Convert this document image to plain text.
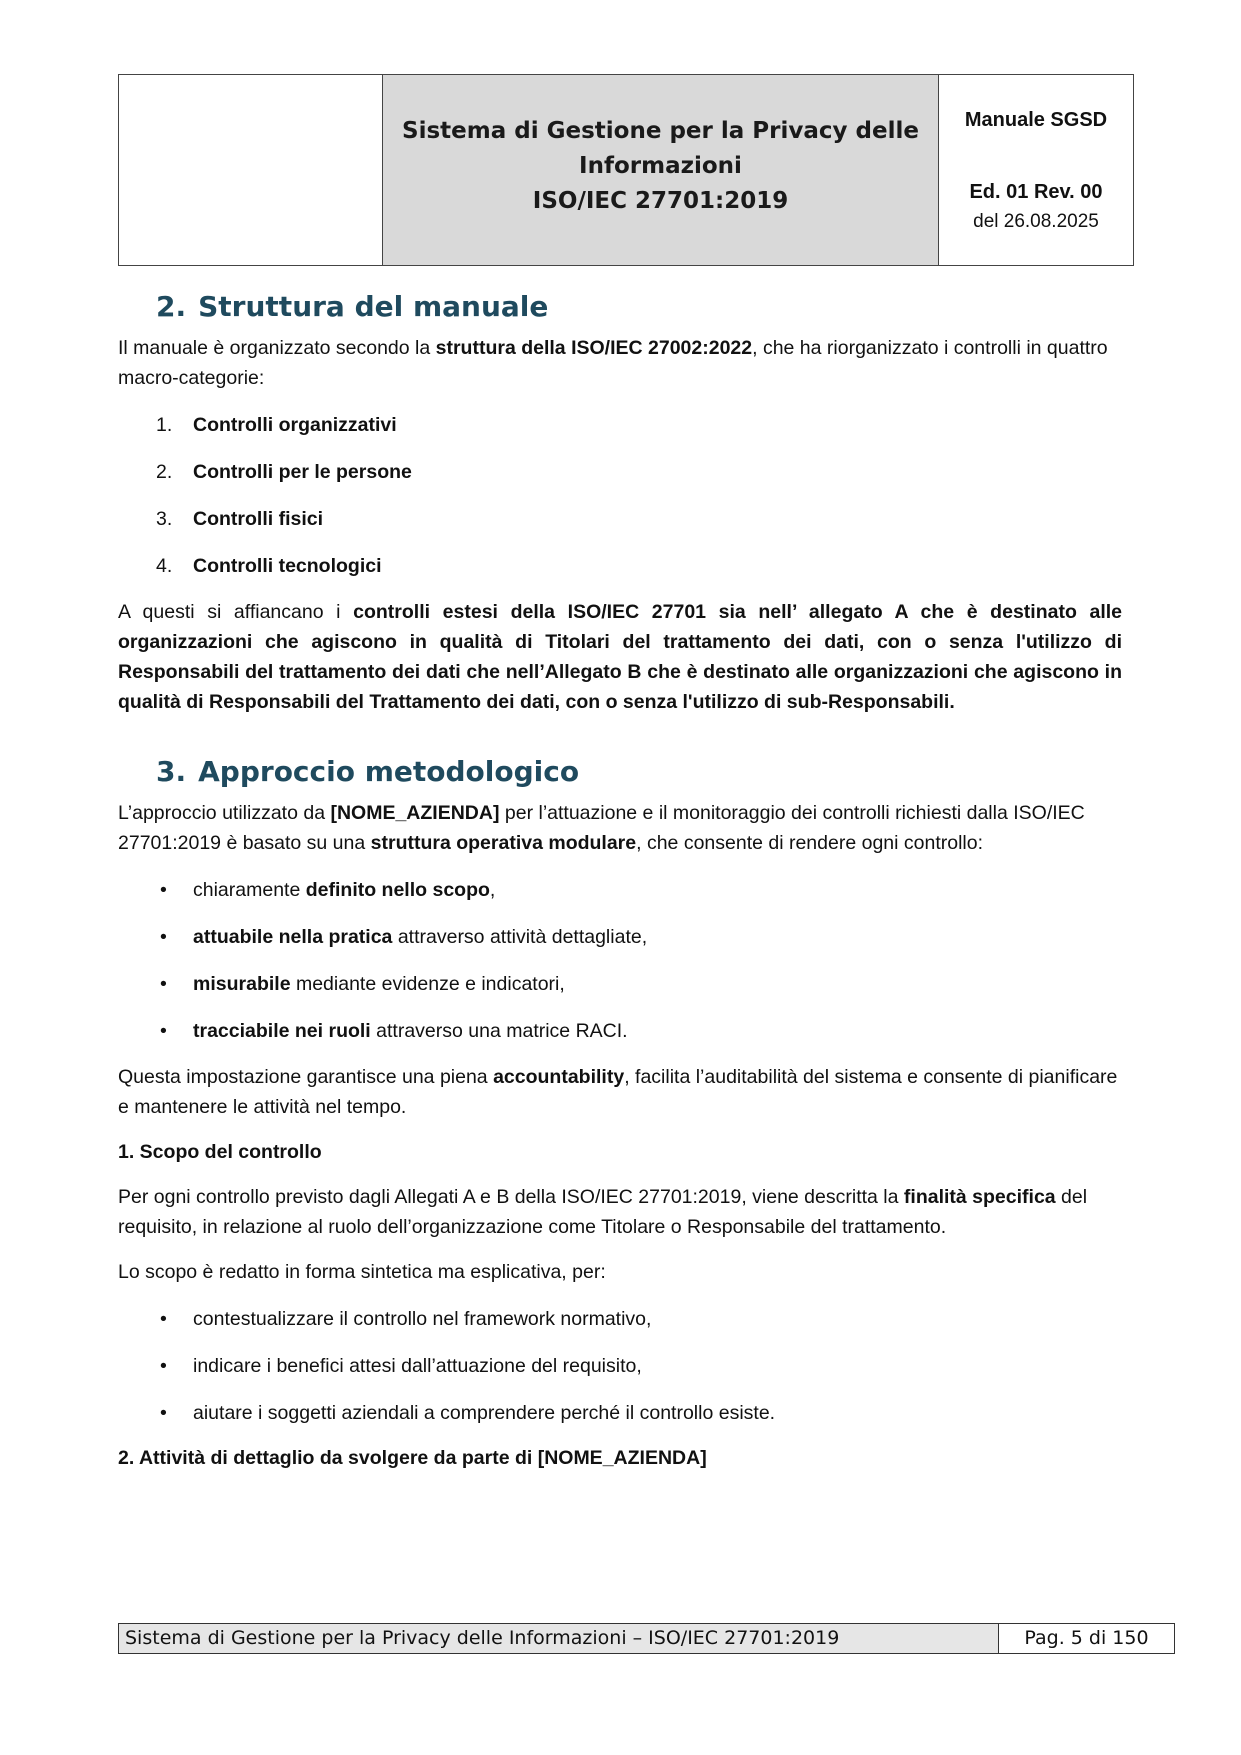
Sistema di Gestione per la Privacy delle
Informazioni
ISO/IEC 27701:2019
Manuale SGSD
Ed. 01 Rev. 00
del 26.08.2025
2. Struttura del manuale

Il manuale è organizzato secondo la struttura della ISO/IEC 27002:2022, che ha riorganizzato i controlli in quattro macro-categorie:

1.	Controlli organizzativi
2.	Controlli per le persone
3.	Controlli fisici
4.	Controlli tecnologici

A questi si affiancano i controlli estesi della ISO/IEC 27701 sia nell’ allegato A che è destinato alle organizzazioni che agiscono in qualità di Titolari del trattamento dei dati, con o senza l'utilizzo di Responsabili del trattamento dei dati che nell’Allegato B che è destinato alle organizzazioni che agiscono in qualità di Responsabili del Trattamento dei dati, con o senza l'utilizzo di sub-Responsabili.

3. Approccio metodologico

L’approccio utilizzato da [NOME_AZIENDA] per l’attuazione e il monitoraggio dei controlli richiesti dalla ISO/IEC 27701:2019 è basato su una struttura operativa modulare, che consente di rendere ogni controllo:

•	chiaramente definito nello scopo,
•	attuabile nella pratica attraverso attività dettagliate,
•	misurabile mediante evidenze e indicatori,
•	tracciabile nei ruoli attraverso una matrice RACI.

Questa impostazione garantisce una piena accountability, facilita l’auditabilità del sistema e consente di pianificare e mantenere le attività nel tempo.

1. Scopo del controllo

Per ogni controllo previsto dagli Allegati A e B della ISO/IEC 27701:2019, viene descritta la finalità specifica del requisito, in relazione al ruolo dell’organizzazione come Titolare o Responsabile del trattamento.

Lo scopo è redatto in forma sintetica ma esplicativa, per:

•	contestualizzare il controllo nel framework normativo,
•	indicare i benefici attesi dall’attuazione del requisito,
•	aiutare i soggetti aziendali a comprendere perché il controllo esiste.
2. Attività di dettaglio da svolgere da parte di [NOME_AZIENDA]
Sistema di Gestione per la Privacy delle Informazioni – ISO/IEC 27701:2019	Pag. 5 di 150
